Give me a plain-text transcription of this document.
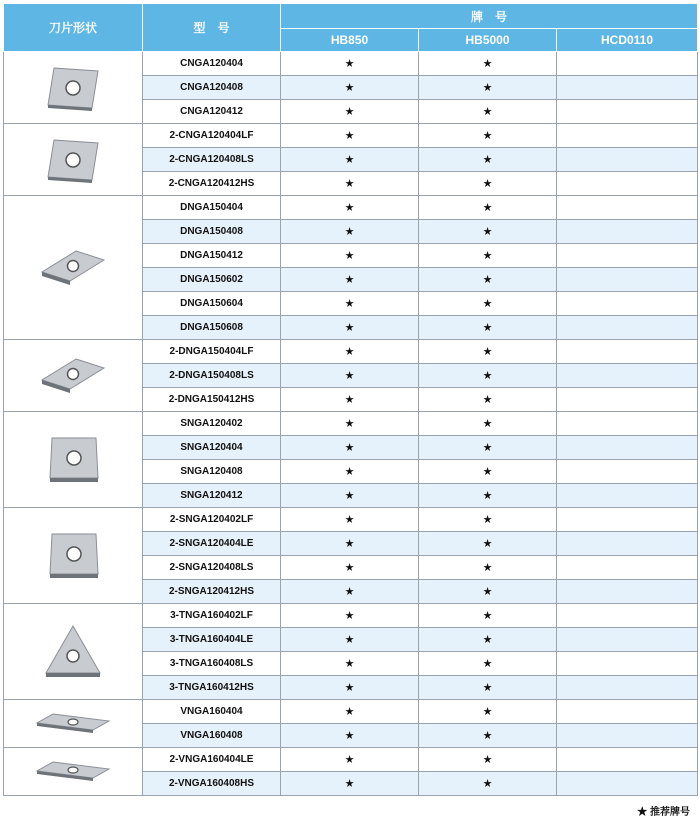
刀片形状	型　号	牌　号		
		HB850	HB5000	HCD0110

	CNGA120404	★	★	
	CNGA120408	★	★	
	CNGA120412	★	★	

	2-CNGA120404LF	★	★	
	2-CNGA120408LS	★	★	
	2-CNGA120412HS	★	★	

	DNGA150404	★	★	
	DNGA150408	★	★	
	DNGA150412	★	★	
	DNGA150602	★	★	
	DNGA150604	★	★	
	DNGA150608	★	★	

	2-DNGA150404LF	★	★	
	2-DNGA150408LS	★	★	
	2-DNGA150412HS	★	★	

	SNGA120402	★	★	
	SNGA120404	★	★	
	SNGA120408	★	★	
	SNGA120412	★	★	

	2-SNGA120402LF	★	★	
	2-SNGA120404LE	★	★	
	2-SNGA120408LS	★	★	
	2-SNGA120412HS	★	★	

	3-TNGA160402LF	★	★	
	3-TNGA160404LE	★	★	
	3-TNGA160408LS	★	★	
	3-TNGA160412HS	★	★	

	VNGA160404	★	★	
	VNGA160408	★	★	

	2-VNGA160404LE	★	★	
	2-VNGA160408HS	★	★	
★ 推荐牌号
